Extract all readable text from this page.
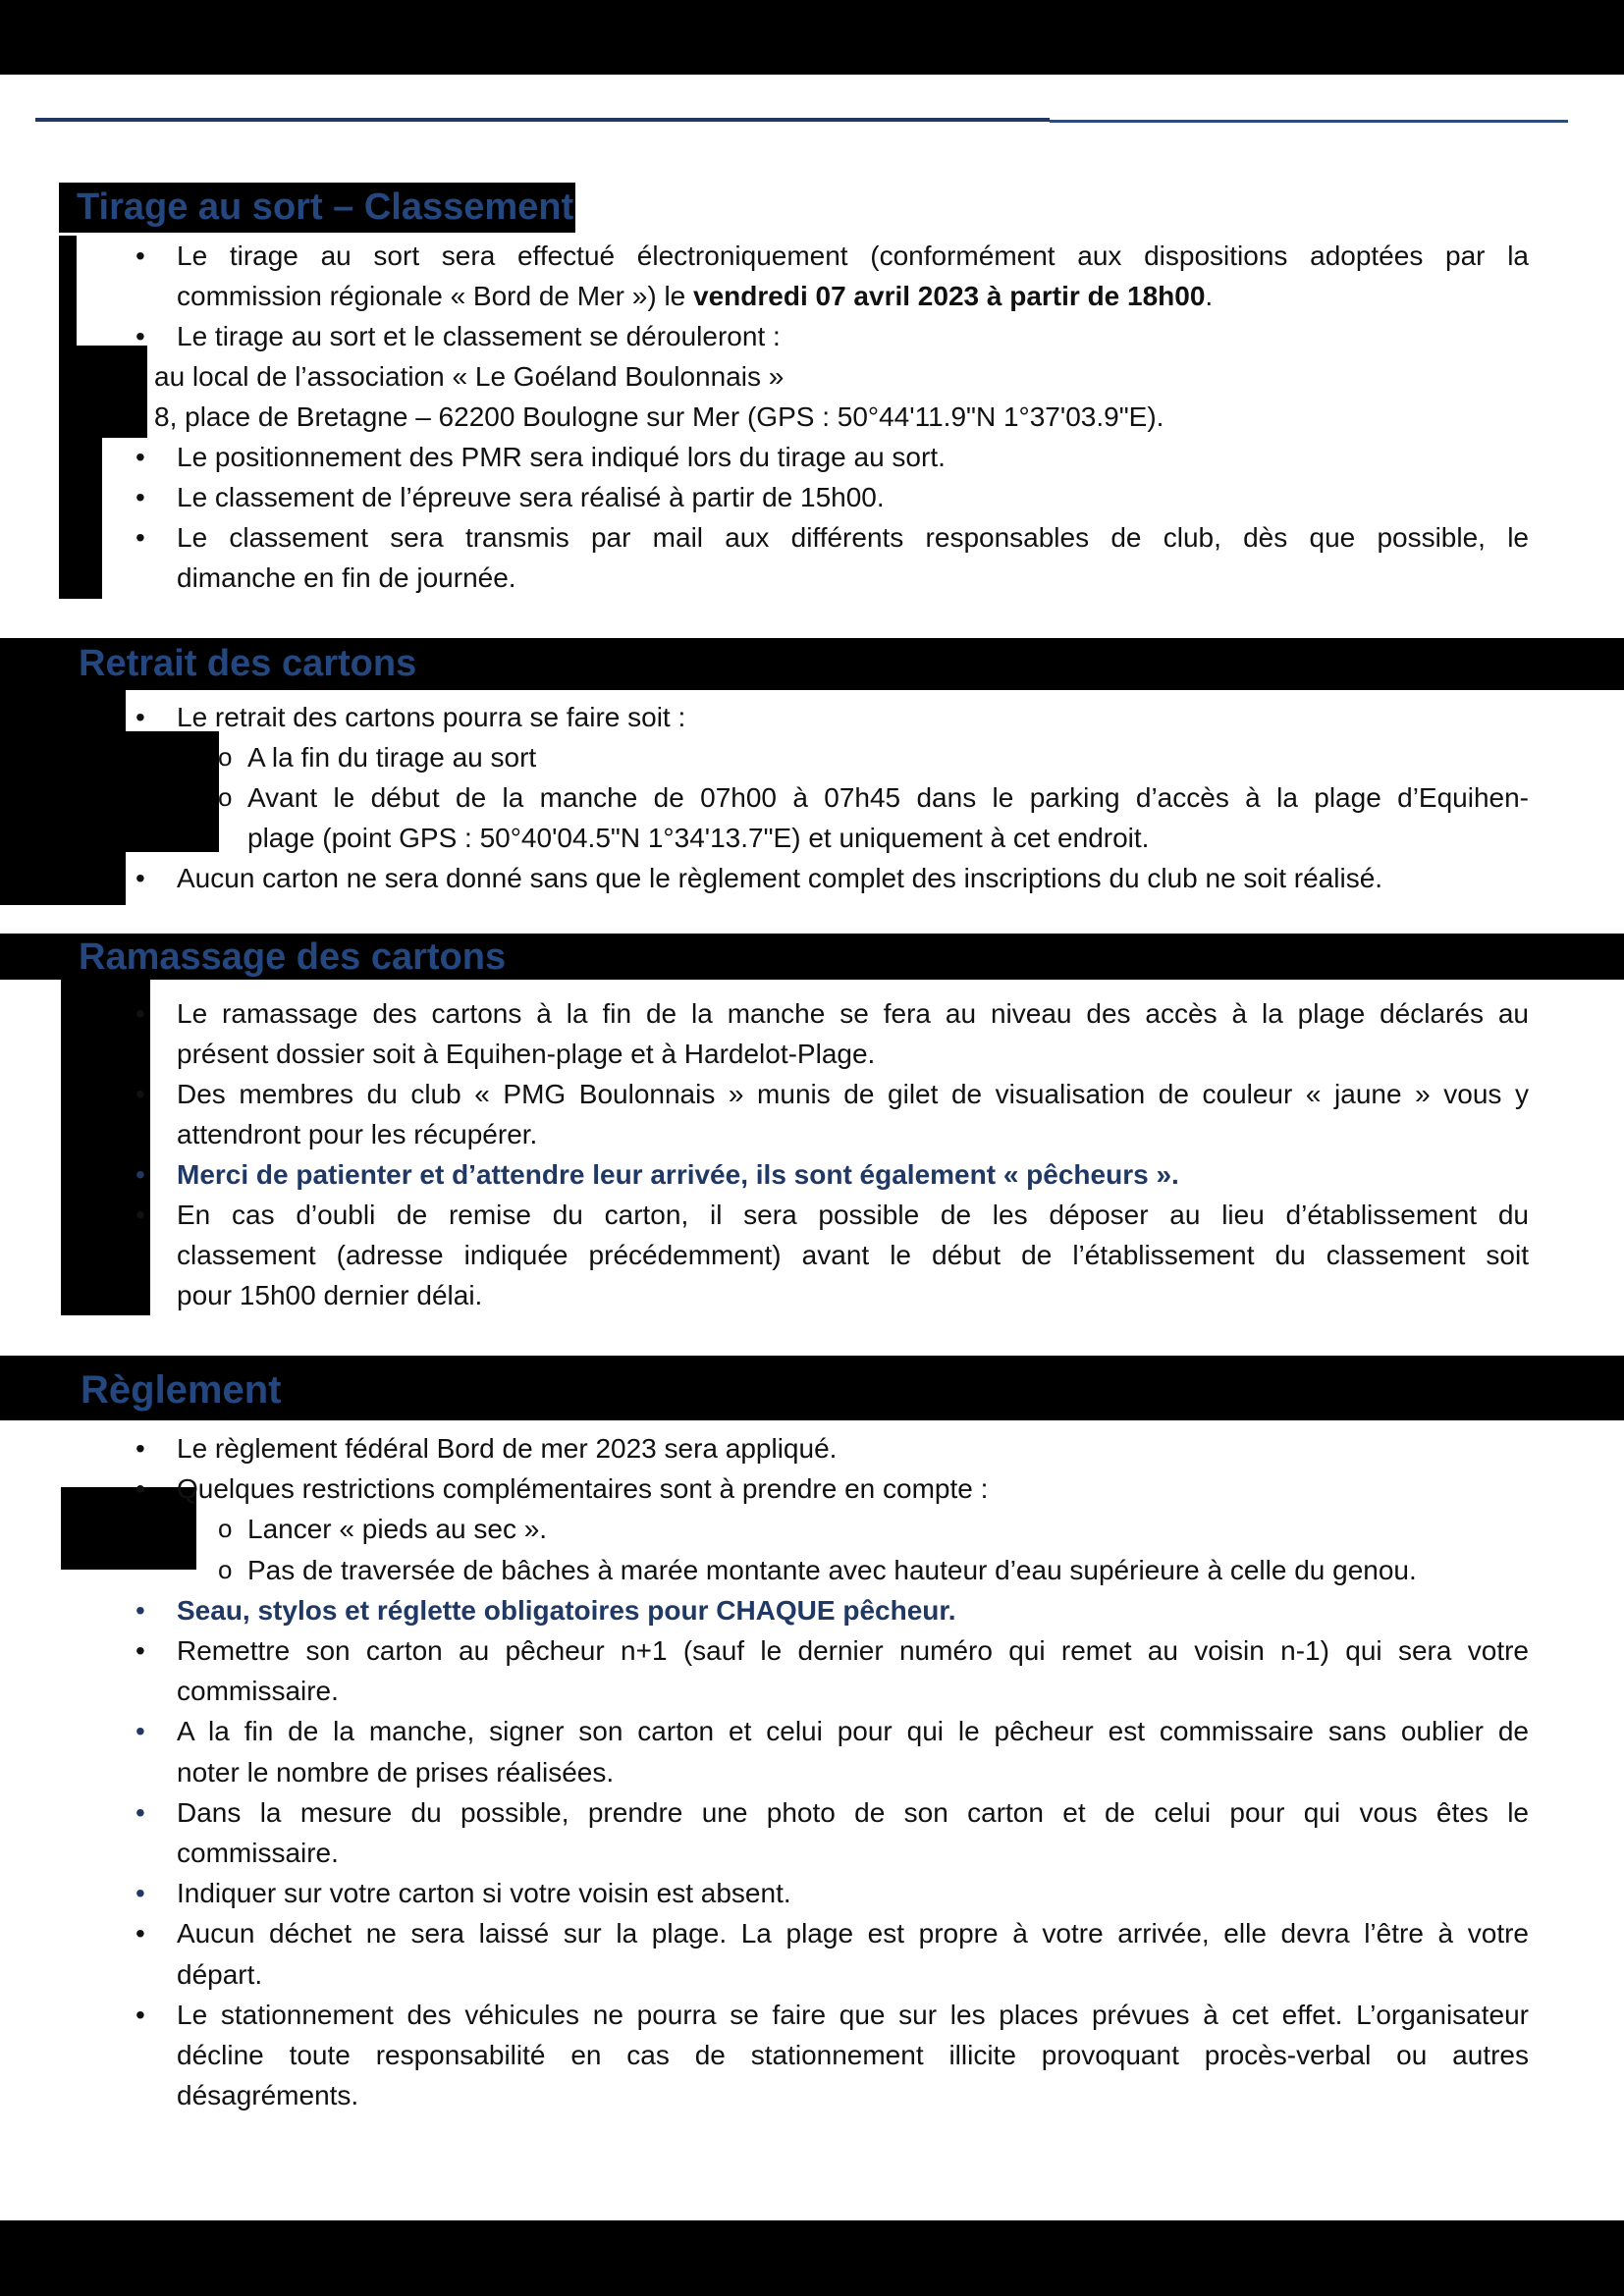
Tirage au sort – Classement
Retrait des cartons
Ramassage des cartons
Règlement
Le tirage au sort sera effectué électroniquement (conformément aux dispositions adoptées par la
•
commission régionale « Bord de Mer ») le vendredi 07 avril 2023 à partir de 18h00.
Le tirage au sort et le classement se dérouleront :
•
au local de l’association « Le Goéland Boulonnais »
8, place de Bretagne – 62200 Boulogne sur Mer (GPS : 50°44'11.9"N 1°37'03.9"E).
Le positionnement des PMR sera indiqué lors du tirage au sort.
•
Le classement de l’épreuve sera réalisé à partir de 15h00.
•
Le classement sera transmis par mail aux différents responsables de club, dès que possible, le
•
dimanche en fin de journée.
Le retrait des cartons pourra se faire soit :
•
A la fin du tirage au sort
o
Avant le début de la manche de 07h00 à 07h45 dans le parking d’accès à la plage d’Equihen-
o
plage (point GPS : 50°40'04.5"N 1°34'13.7"E) et uniquement à cet endroit.
Aucun carton ne sera donné sans que le règlement complet des inscriptions du club ne soit réalisé.
•
Le ramassage des cartons à la fin de la manche se fera au niveau des accès à la plage déclarés au
•
présent dossier soit à Equihen-plage et à Hardelot-Plage.
Des membres du club « PMG Boulonnais » munis de gilet de visualisation de couleur « jaune » vous y
•
attendront pour les récupérer.
Merci de patienter et d’attendre leur arrivée, ils sont également « pêcheurs ».
•
En cas d’oubli de remise du carton, il sera possible de les déposer au lieu d’établissement du
•
classement (adresse indiquée précédemment) avant le début de l’établissement du classement soit
pour 15h00 dernier délai.
Le règlement fédéral Bord de mer 2023 sera appliqué.
•
Quelques restrictions complémentaires sont à prendre en compte :
•
Lancer « pieds au sec ».
o
Pas de traversée de bâches à marée montante avec hauteur d’eau supérieure à celle du genou.
o
Seau, stylos et réglette obligatoires pour CHAQUE pêcheur.
•
Remettre son carton au pêcheur n+1 (sauf le dernier numéro qui remet au voisin n-1) qui sera votre
•
commissaire.
A la fin de la manche, signer son carton et celui pour qui le pêcheur est commissaire sans oublier de
•
noter le nombre de prises réalisées.
Dans la mesure du possible, prendre une photo de son carton et de celui pour qui vous êtes le
•
commissaire.
Indiquer sur votre carton si votre voisin est absent.
•
Aucun déchet ne sera laissé sur la plage. La plage est propre à votre arrivée, elle devra l’être à votre
•
départ.
Le stationnement des véhicules ne pourra se faire que sur les places prévues à cet effet. L’organisateur
•
décline toute responsabilité en cas de stationnement illicite provoquant procès-verbal ou autres
désagréments.
